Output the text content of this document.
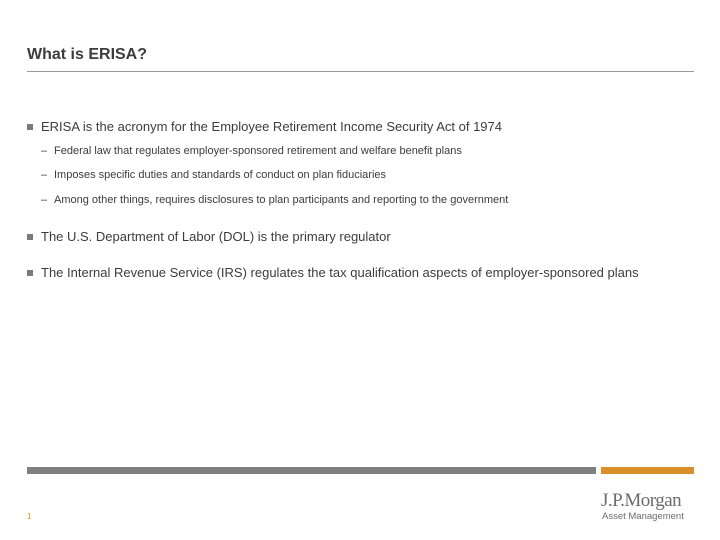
What is ERISA?
ERISA is the acronym for the Employee Retirement Income Security Act of 1974
– Federal law that regulates employer-sponsored retirement and welfare benefit plans
– Imposes specific duties and standards of conduct on plan fiduciaries
– Among other things, requires disclosures to plan participants and reporting to the government
The U.S. Department of Labor (DOL) is the primary regulator
The Internal Revenue Service (IRS) regulates the tax qualification aspects of employer-sponsored plans
1
J.P.Morgan
Asset Management
